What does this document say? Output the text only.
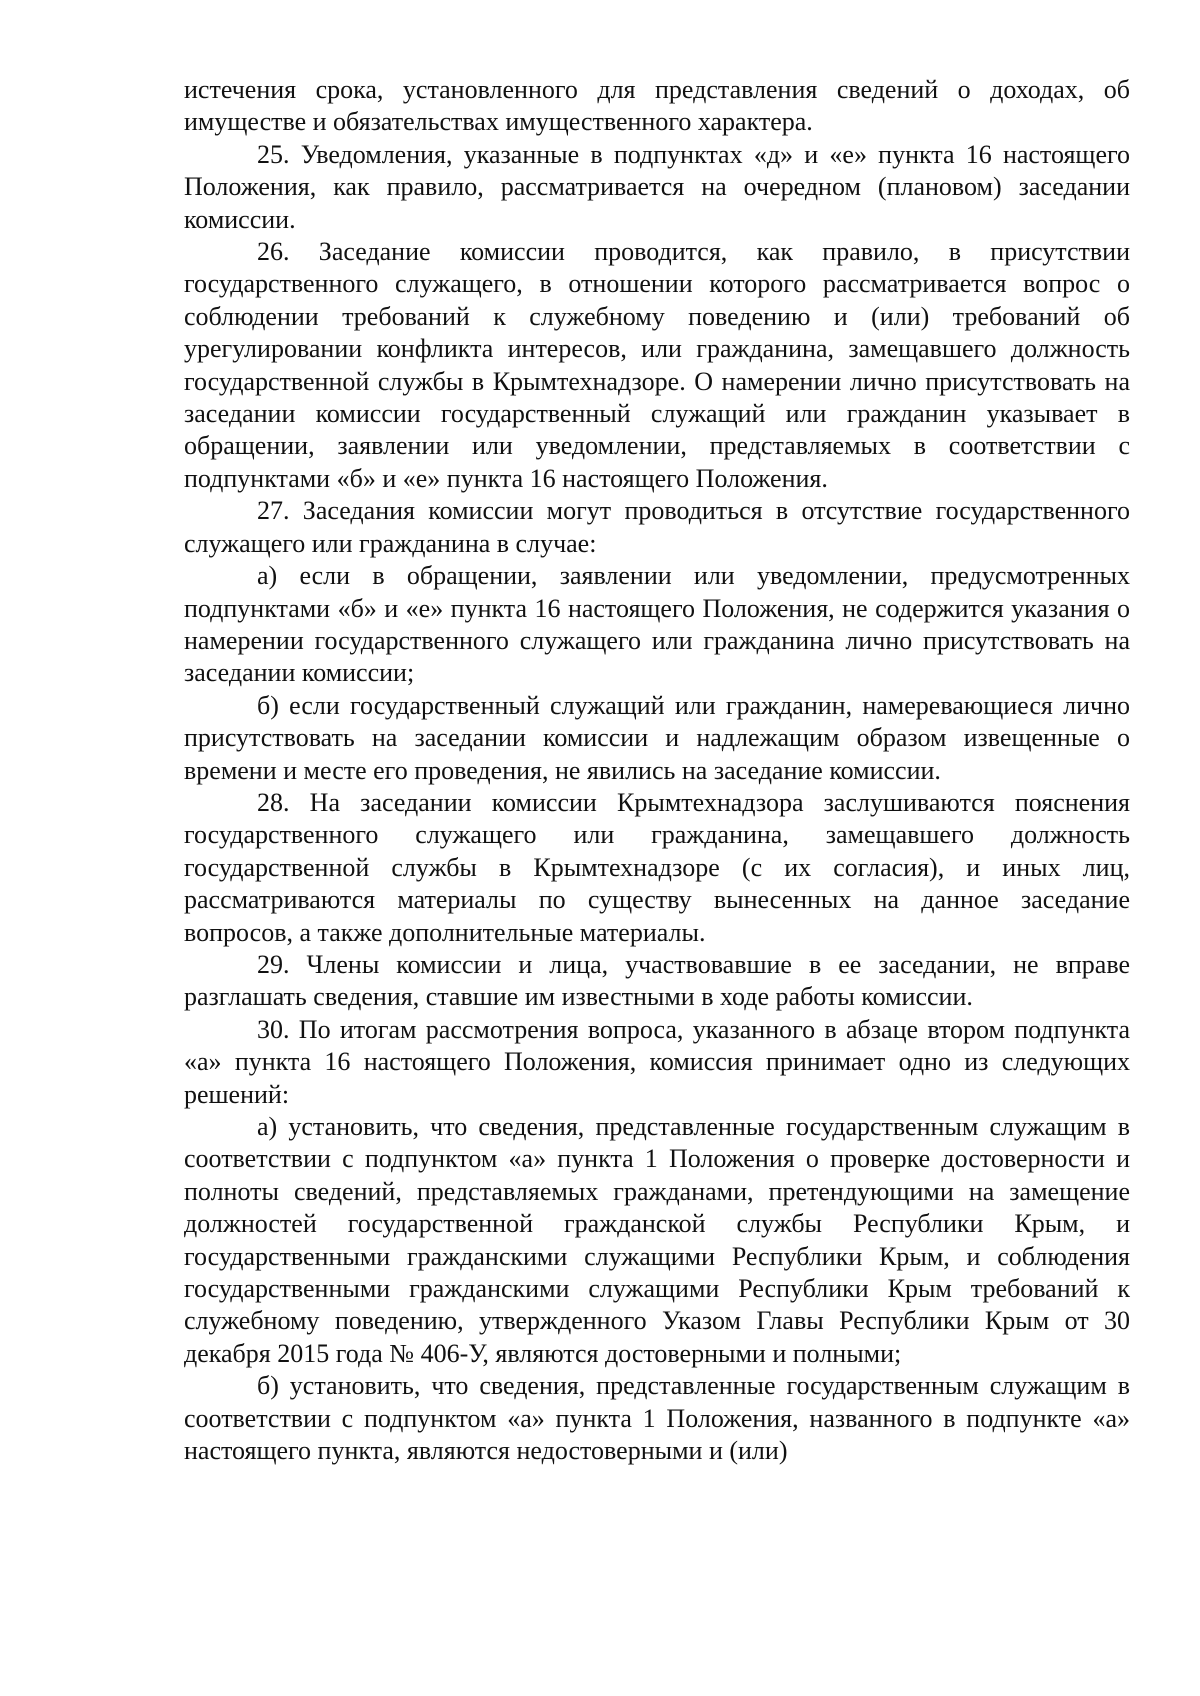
истечения срока, установленного для представления сведений о доходах, об имуществе и обязательствах имущественного характера.

25. Уведомления, указанные в подпунктах «д» и «е» пункта 16 настоящего Положения, как правило, рассматривается на очередном (плановом) заседании комиссии.

26. Заседание комиссии проводится, как правило, в присутствии государственного служащего, в отношении которого рассматривается вопрос о соблюдении требований к служебному поведению и (или) требований об урегулировании конфликта интересов, или гражданина, замещавшего должность государственной службы в Крымтехнадзоре. О намерении лично присутствовать на заседании комиссии государственный служащий или гражданин указывает в обращении, заявлении или уведомлении, представляемых в соответствии с подпунктами «б» и «е» пункта 16 настоящего Положения.

27. Заседания комиссии могут проводиться в отсутствие государственного служащего или гражданина в случае:

а) если в обращении, заявлении или уведомлении, предусмотренных подпунктами «б» и «е» пункта 16 настоящего Положения, не содержится указания о намерении государственного служащего или гражданина лично присутствовать на заседании комиссии;

б) если государственный служащий или гражданин, намеревающиеся лично присутствовать на заседании комиссии и надлежащим образом извещенные о времени и месте его проведения, не явились на заседание комиссии.

28. На заседании комиссии Крымтехнадзора заслушиваются пояснения государственного служащего или гражданина, замещавшего должность государственной службы в Крымтехнадзоре (с их согласия), и иных лиц, рассматриваются материалы по существу вынесенных на данное заседание вопросов, а также дополнительные материалы.

29. Члены комиссии и лица, участвовавшие в ее заседании, не вправе разглашать сведения, ставшие им известными в ходе работы комиссии.

30. По итогам рассмотрения вопроса, указанного в абзаце втором подпункта «а» пункта 16 настоящего Положения, комиссия принимает одно из следующих решений:

а) установить, что сведения, представленные государственным служащим в соответствии с подпунктом «а» пункта 1 Положения о проверке достоверности и полноты сведений, представляемых гражданами, претендующими на замещение должностей государственной гражданской службы Республики Крым, и государственными гражданскими служащими Республики Крым, и соблюдения государственными гражданскими служащими Республики Крым требований к служебному поведению, утвержденного Указом Главы Республики Крым от 30 декабря 2015 года № 406-У, являются достоверными и полными;

б) установить, что сведения, представленные государственным служащим в соответствии с подпунктом «а» пункта 1 Положения, названного в подпункте «а» настоящего пункта, являются недостоверными и (или)
